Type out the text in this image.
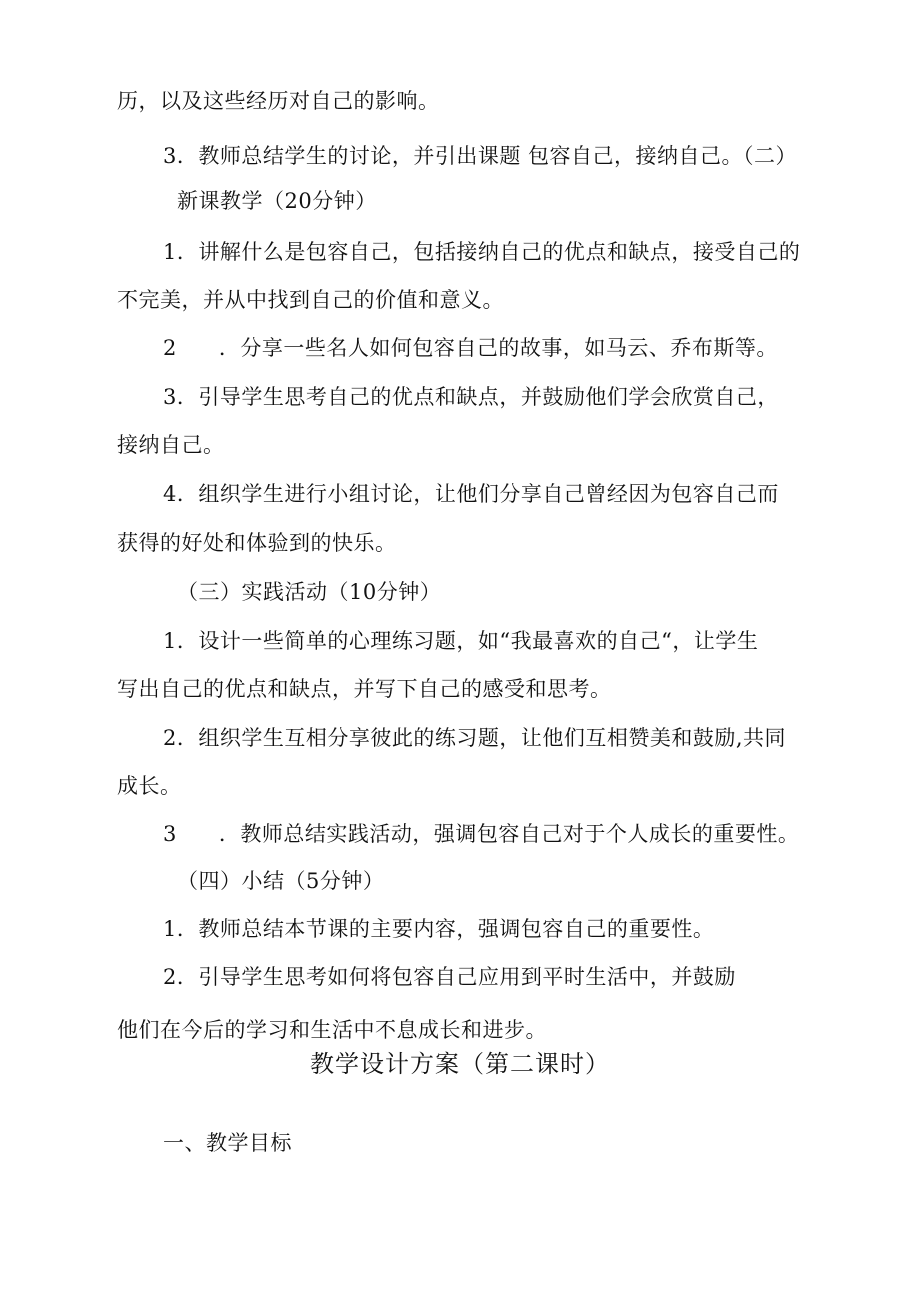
历，以及这些经历对自己的影响。
3．教师总结学生的讨论，并引出课题 包容自己，接纳自己。（二）
新课教学（20分钟）
1．讲解什么是包容自己，包括接纳自己的优点和缺点，接受自己的
不完美，并从中找到自己的价值和意义。
2 ．分享一些名人如何包容自己的故事，如马云、乔布斯等。
3．引导学生思考自己的优点和缺点，并鼓励他们学会欣赏自己，
接纳自己。
4．组织学生进行小组讨论，让他们分享自己曾经因为包容自己而
获得的好处和体验到的快乐。
（三）实践活动（10分钟）
1．设计一些简单的心理练习题，如“我最喜欢的自己“，让学生
写出自己的优点和缺点，并写下自己的感受和思考。
2．组织学生互相分享彼此的练习题，让他们互相赞美和鼓励,共同
成长。
3 ．教师总结实践活动，强调包容自己对于个人成长的重要性。
（四）小结（5分钟）
1．教师总结本节课的主要内容，强调包容自己的重要性。
2．引导学生思考如何将包容自己应用到平时生活中，并鼓励
他们在今后的学习和生活中不息成长和进步。
教学设计方案（第二课时）
一、教学目标
